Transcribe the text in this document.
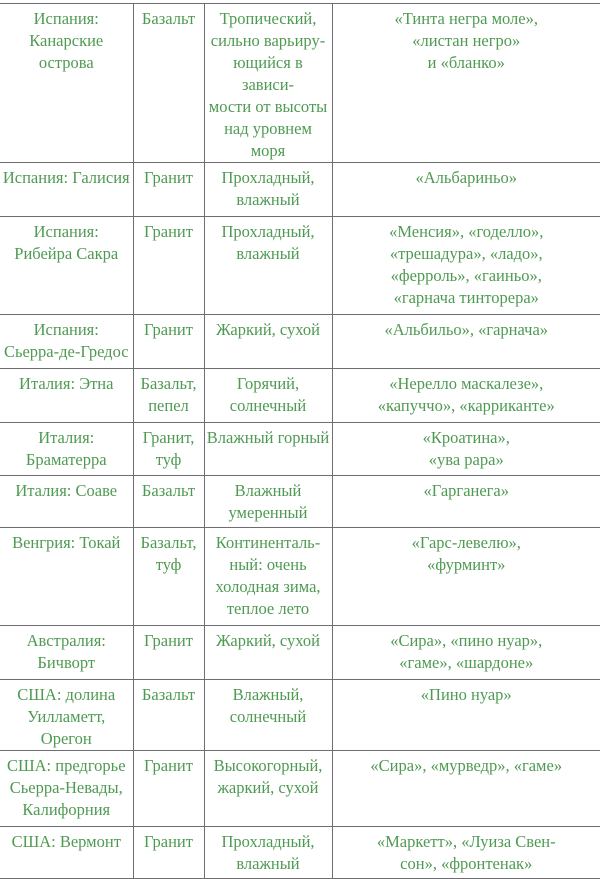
Испания:
Канарские
острова	Базальт	Тропический,
сильно варьиру-
ющийся в зависи-
мости от высоты
над уровнем моря	«Тинта негра моле»,
«листан негро»
и «бланко»
Испания: Галисия	Гранит	Прохладный,
влажный	«Альбариньо»
Испания:
Рибейра Сакра	Гранит	Прохладный,
влажный	«Менсия», «годелло»,
«трешадура», «ладо»,
«ферроль», «гаиньо»,
«гарнача тинторера»
Испания:
Сьерра-де-Гредос	Гранит	Жаркий, сухой	«Альбильо», «гарнача»
Италия: Этна	Базальт,
пепел	Горячий,
солнечный	«Нерелло маскалезе»,
«капуччо», «карриканте»
Италия:
Браматерра	Гранит,
туф	Влажный горный	«Кроатина»,
«ува рара»
Италия: Соаве	Базальт	Влажный
умеренный	«Гарганега»
Венгрия: Токай	Базальт,
туф	Континенталь-
ный: очень
холодная зима,
теплое лето	«Гарс-левелю»,
«фурминт»
Австралия:
Бичворт	Гранит	Жаркий, сухой	«Сира», «пино нуар»,
«гаме», «шардоне»
США: долина
Уилламетт, Орегон	Базальт	Влажный,
солнечный	«Пино нуар»
США: предгорье
Сьерра-Невады,
Калифорния	Гранит	Высокогорный,
жаркий, сухой	«Сира», «мурведр», «гаме»
США: Вермонт	Гранит	Прохладный,
влажный	«Маркетт», «Луиза Свен-
сон», «фронтенак»
